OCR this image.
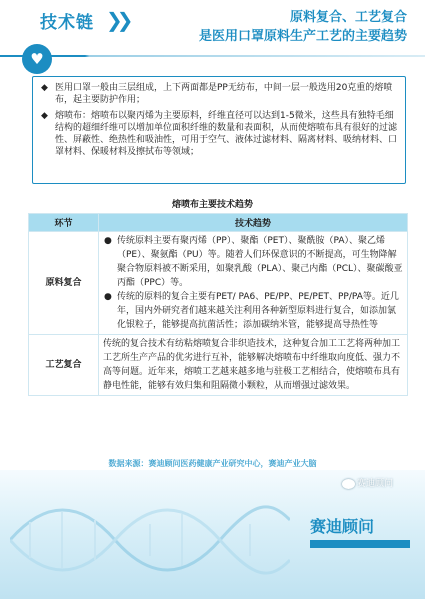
技术链 ❯❯	原料复合、工艺复合
是医用口罩原料生产工艺的主要趋势
♥
◆ 医用口罩一般由三层组成，上下两面都是PP无纺布，中间一层一般选用20克重的熔喷布，起主要防护作用；
◆ 熔喷布：熔喷布以聚丙烯为主要原料，纤维直径可以达到1-5微米，这些具有独特毛细结构的超细纤维可以增加单位面积纤维的数量和表面积，从而使熔喷布具有很好的过滤性、屏蔽性、绝热性和吸油性，可用于空气、液体过滤材料、隔离材料、吸纳材料、口罩材料、保暖材料及擦拭布等领域；
熔喷布主要技术趋势
环节	技术趋势
原料复合	● 传统原料主要有聚丙烯（PP）、聚酯（PET）、聚酰胺（PA）、聚乙烯（PE）、聚氨酯（PU）等。随着人们环保意识的不断提高，可生物降解聚合物原料被不断采用，如聚乳酸（PLA）、聚己内酯（PCL）、聚碳酸亚丙酯（PPC）等。
● 传统的原料的复合主要有PET/ PA6、PE/PP、PE/PET、PP/PA等。近几年，国内外研究者们越来越关注利用各种新型原料进行复合，如添加氯化银粒子，能够提高抗菌活性；添加碳纳米管，能够提高导热性等

工艺复合	传统的复合技术有纺粘熔喷复合非织造技术，这种复合加工工艺将两种加工工艺所生产产品的优劣进行互补，能够解决熔喷布中纤维取向度低、强力不高等问题。近年来，熔喷工艺越来越多地与驻极工艺相结合，使熔喷布具有静电性能，能够有效归集和阻隔微小颗粒，从而增强过滤效果。
数据来源：赛迪顾问医药健康产业研究中心，赛迪产业大脑
赛迪顾问
赛迪顾问
